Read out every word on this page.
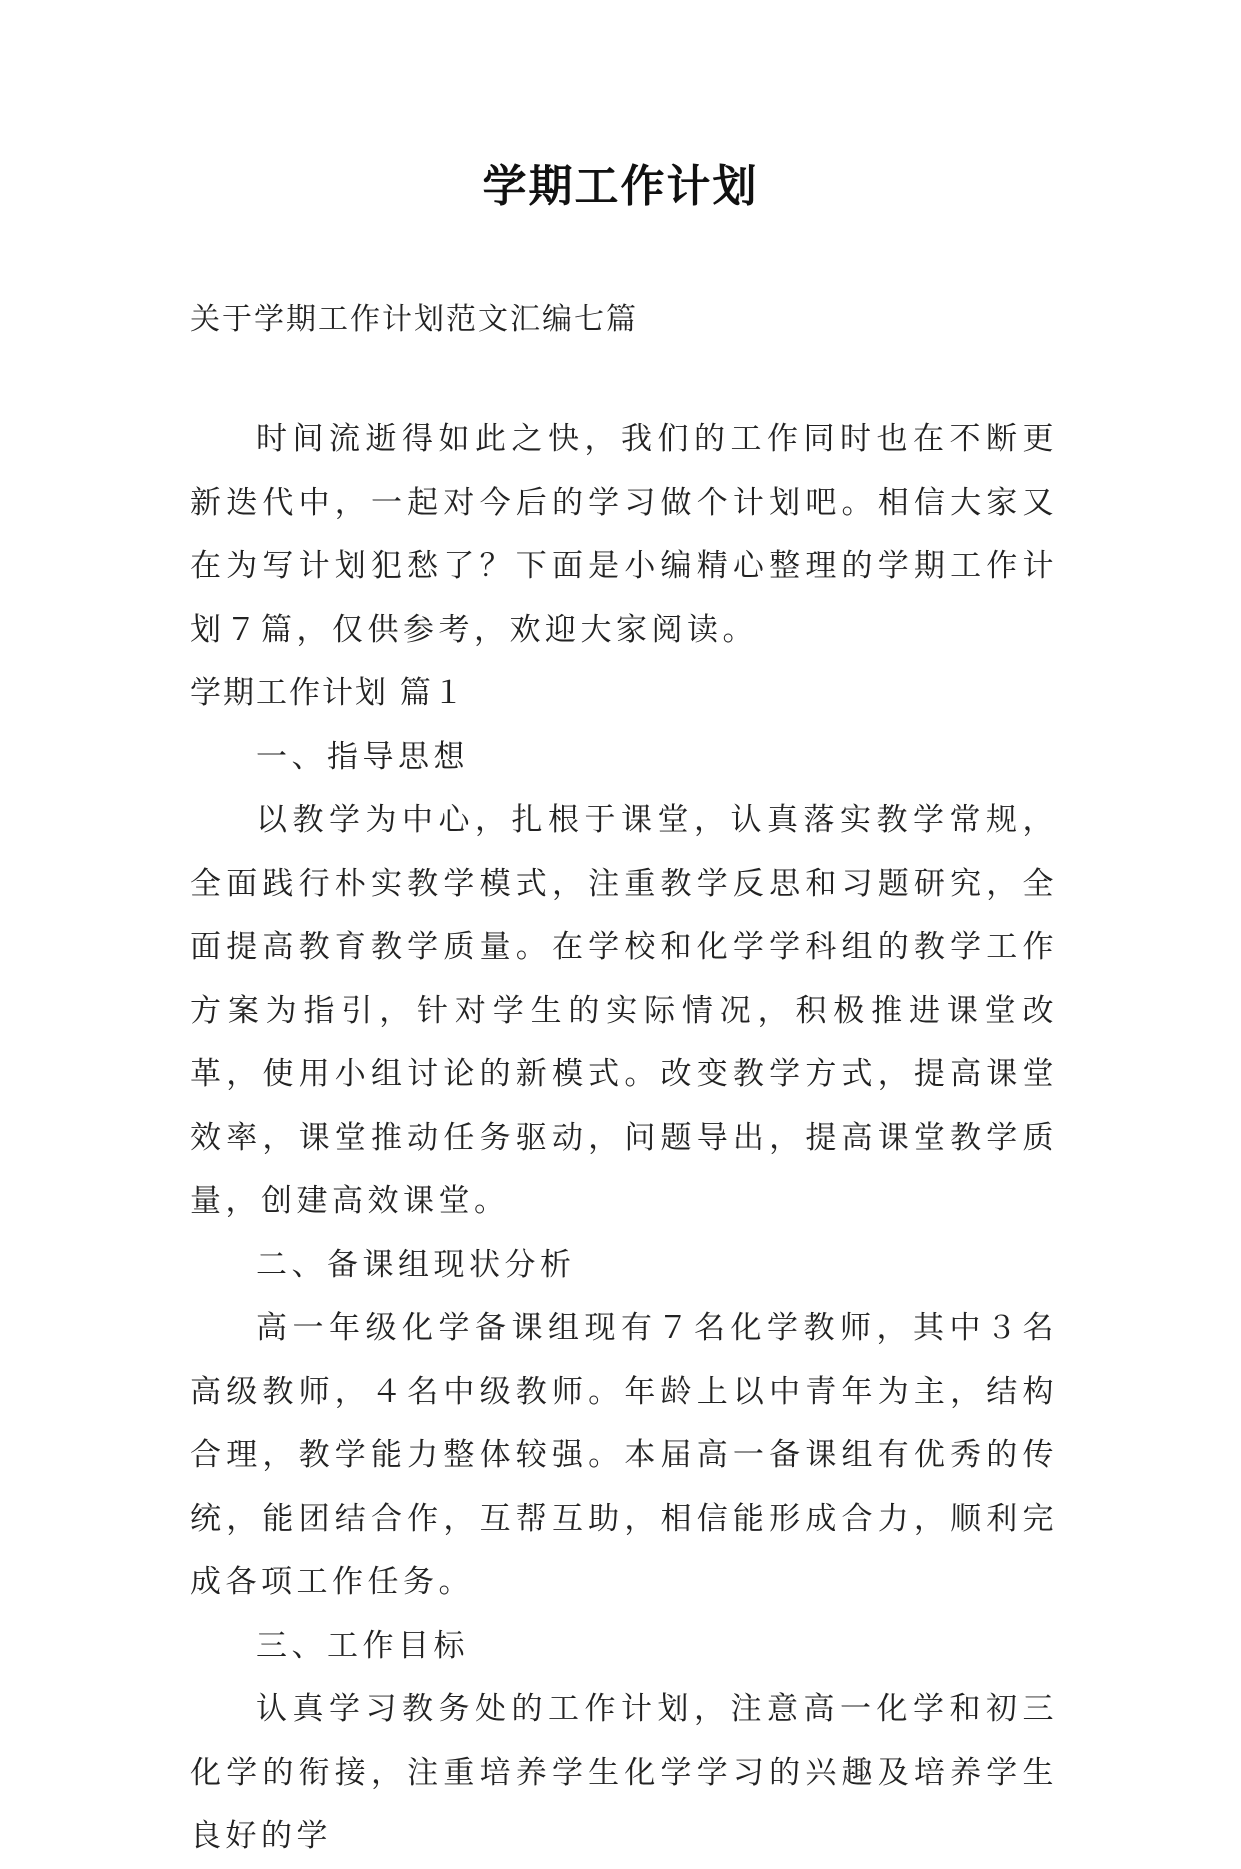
学期工作计划
关于学期工作计划范文汇编七篇

时间流逝得如此之快，我们的工作同时也在不断更新迭代中，一起对今后的学习做个计划吧。相信大家又在为写计划犯愁了？下面是小编精心整理的学期工作计划７篇，仅供参考，欢迎大家阅读。

学期工作计划 篇１

一、指导思想

以教学为中心，扎根于课堂，认真落实教学常规，全面践行朴实教学模式，注重教学反思和习题研究，全面提高教育教学质量。在学校和化学学科组的教学工作方案为指引，针对学生的实际情况，积极推进课堂改革，使用小组讨论的新模式。改变教学方式，提高课堂效率，课堂推动任务驱动，问题导出，提高课堂教学质量，创建高效课堂。

二、备课组现状分析

高一年级化学备课组现有７名化学教师，其中３名高级教师，４名中级教师。年龄上以中青年为主，结构合理，教学能力整体较强。本届高一备课组有优秀的传统，能团结合作，互帮互助，相信能形成合力，顺利完成各项工作任务。

三、工作目标

认真学习教务处的工作计划，注意高一化学和初三化学的衔接，注重培养学生化学学习的兴趣及培养学生良好的学
